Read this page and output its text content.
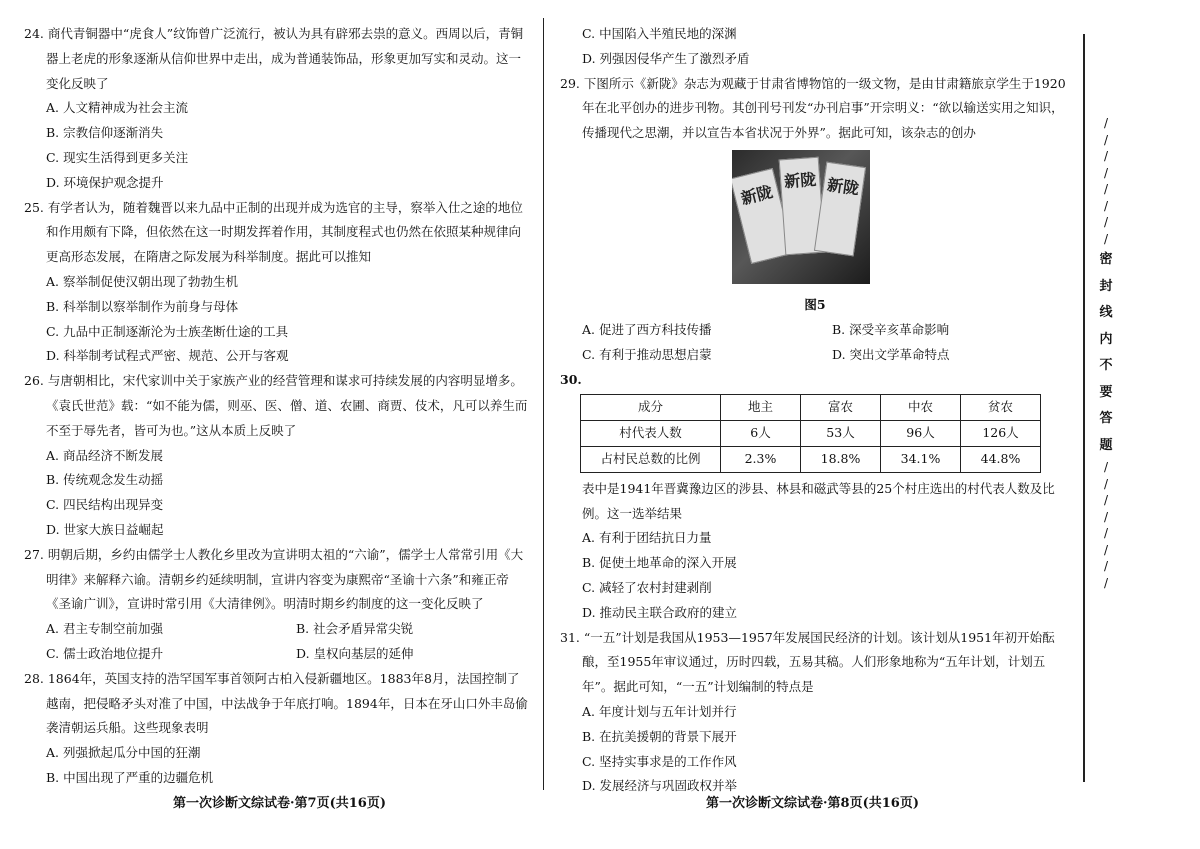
24. 商代青铜器中“虎食人”纹饰曾广泛流行，被认为具有辟邪去祟的意义。西周以后，青铜器上老虎的形象逐渐从信仰世界中走出，成为普通装饰品，形象更加写实和灵动。这一变化反映了
A. 人文精神成为社会主流
B. 宗教信仰逐渐消失
C. 现实生活得到更多关注
D. 环境保护观念提升
25. 有学者认为，随着魏晋以来九品中正制的出现并成为选官的主导，察举入仕之途的地位和作用颇有下降，但依然在这一时期发挥着作用，其制度程式也仍然在依照某种规律向更高形态发展，在隋唐之际发展为科举制度。据此可以推知
A. 察举制促使汉朝出现了勃勃生机
B. 科举制以察举制作为前身与母体
C. 九品中正制逐渐沦为士族垄断仕途的工具
D. 科举制考试程式严密、规范、公开与客观
26. 与唐朝相比，宋代家训中关于家族产业的经营管理和谋求可持续发展的内容明显增多。《袁氏世范》载：“如不能为儒，则巫、医、僧、道、农圃、商贾、伎术，凡可以养生而不至于辱先者，皆可为也。”这从本质上反映了
A. 商品经济不断发展
B. 传统观念发生动摇
C. 四民结构出现异变
D. 世家大族日益崛起
27. 明朝后期，乡约由儒学士人教化乡里改为宣讲明太祖的“六谕”，儒学士人常常引用《大明律》来解释六谕。清朝乡约延续明制，宣讲内容变为康熙帝“圣谕十六条”和雍正帝《圣谕广训》，宣讲时常引用《大清律例》。明清时期乡约制度的这一变化反映了
A. 君主专制空前加强	B. 社会矛盾异常尖锐
C. 儒士政治地位提升	D. 皇权向基层的延伸
28. 1864年，英国支持的浩罕国军事首领阿古柏入侵新疆地区。1883年8月，法国控制了越南，把侵略矛头对准了中国，中法战争于年底打响。1894年，日本在牙山口外丰岛偷袭清朝运兵船。这些现象表明
A. 列强掀起瓜分中国的狂潮
B. 中国出现了严重的边疆危机
第一次诊断文综试卷·第7页(共16页)
C. 中国陷入半殖民地的深渊
D. 列强因侵华产生了激烈矛盾
29. 下图所示《新陇》杂志为观藏于甘肃省博物馆的一级文物，是由甘肃籍旅京学生于1920年在北平创办的进步刊物。其创刊号刊发“办刊启事”开宗明义：“欲以输送实用之知识，传播现代之思潮，并以宣告本省状况于外界”。据此可知，该杂志的创办
新陇
新陇 新陇
图5
A. 促进了西方科技传播	B. 深受辛亥革命影响
C. 有利于推动思想启蒙	D. 突出文学革命特点
30.
成分	地主	富农	中农	贫农
村代表人数	6人	53人	96人	126人
占村民总数的比例	2.3%	18.8%	34.1%	44.8%
表中是1941年晋冀豫边区的涉县、林县和磁武等县的25个村庄选出的村代表人数及比例。这一选举结果
A. 有利于团结抗日力量
B. 促使土地革命的深入开展
C. 减轻了农村封建剥削
D. 推动民主联合政府的建立
31. “一五”计划是我国从1953—1957年发展国民经济的计划。该计划从1951年初开始酝酿，至1955年审议通过，历时四载，五易其稿。人们形象地称为“五年计划，计划五年”。据此可知，“一五”计划编制的特点是
A. 年度计划与五年计划并行
B. 在抗美援朝的背景下展开
C. 坚持实事求是的工作作风
D. 发展经济与巩固政权并举
第一次诊断文综试卷·第8页(共16页)
/
/
/
/
/
/
/
/
密
封
线
内
不
要
答
题
/
/
/
/
/
/
/
/
